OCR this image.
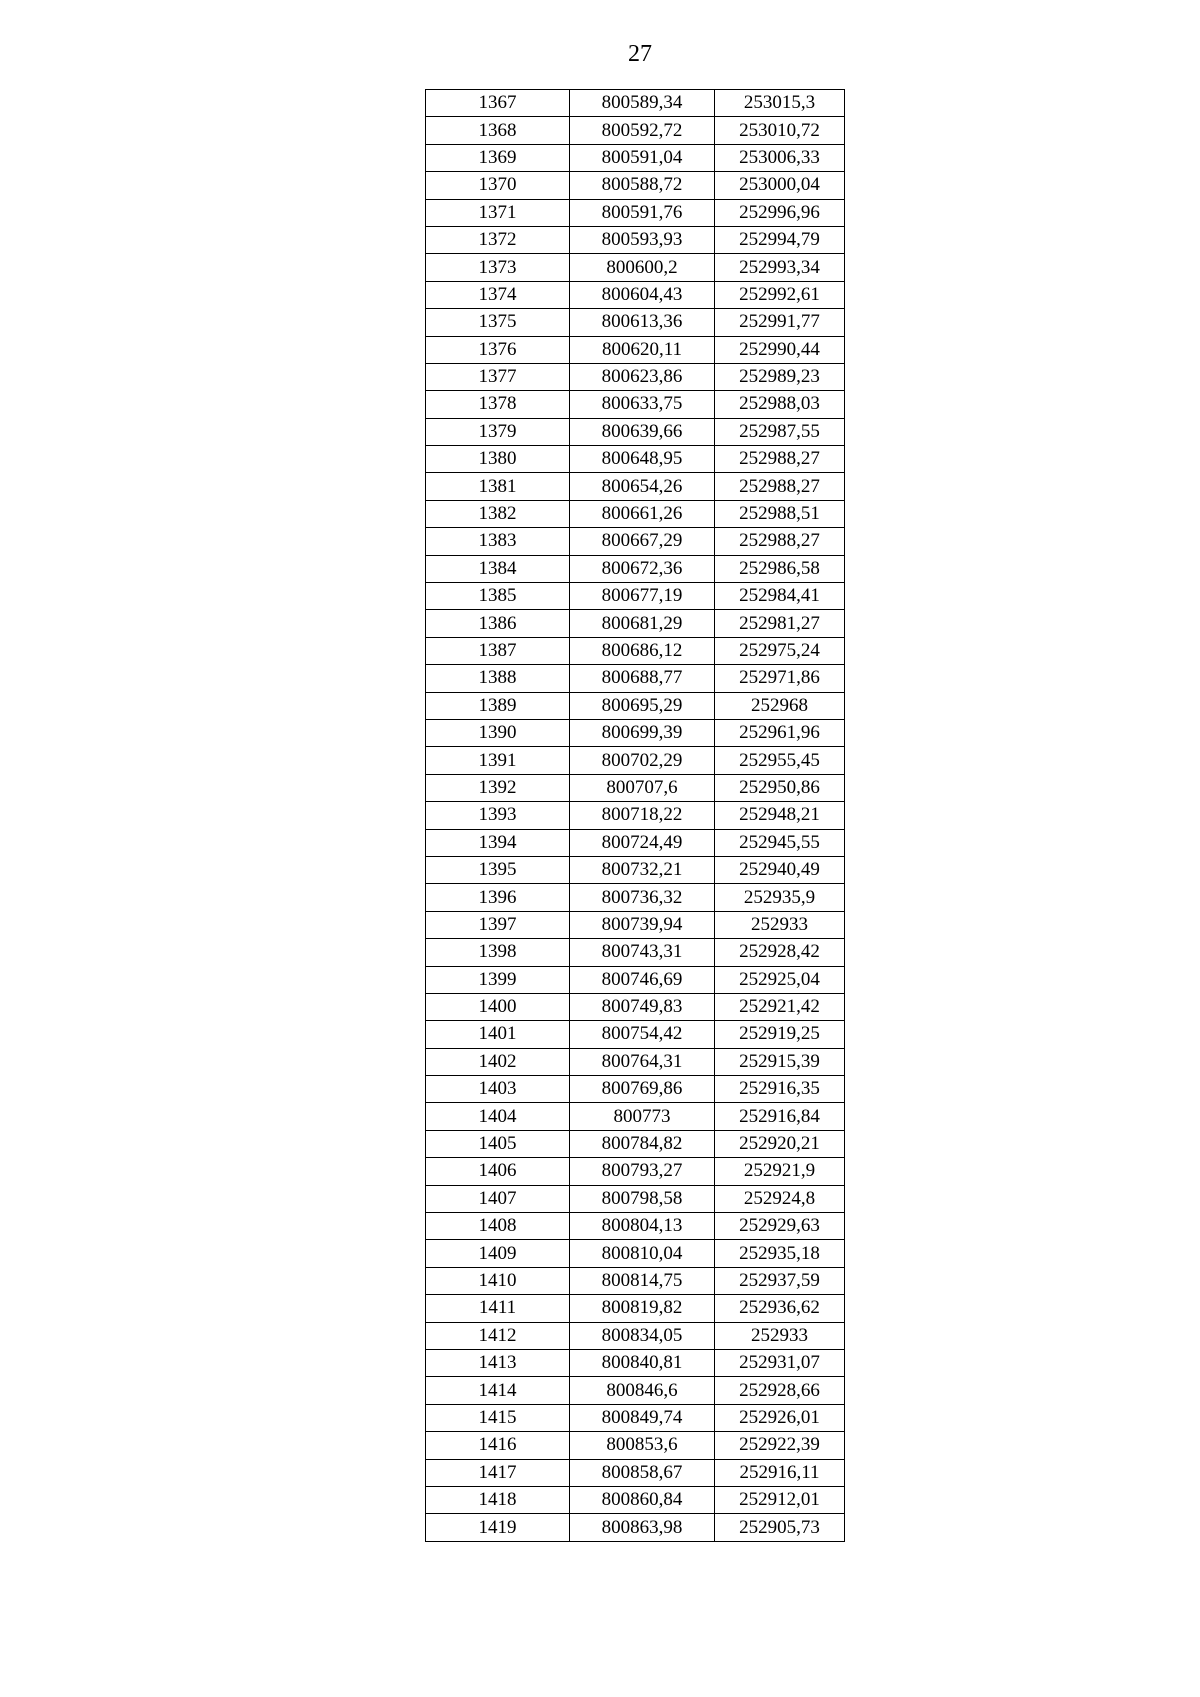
27
1367	800589,34	253015,3
1368	800592,72	253010,72
1369	800591,04	253006,33
1370	800588,72	253000,04
1371	800591,76	252996,96
1372	800593,93	252994,79
1373	800600,2	252993,34
1374	800604,43	252992,61
1375	800613,36	252991,77
1376	800620,11	252990,44
1377	800623,86	252989,23
1378	800633,75	252988,03
1379	800639,66	252987,55
1380	800648,95	252988,27
1381	800654,26	252988,27
1382	800661,26	252988,51
1383	800667,29	252988,27
1384	800672,36	252986,58
1385	800677,19	252984,41
1386	800681,29	252981,27
1387	800686,12	252975,24
1388	800688,77	252971,86
1389	800695,29	252968
1390	800699,39	252961,96
1391	800702,29	252955,45
1392	800707,6	252950,86
1393	800718,22	252948,21
1394	800724,49	252945,55
1395	800732,21	252940,49
1396	800736,32	252935,9
1397	800739,94	252933
1398	800743,31	252928,42
1399	800746,69	252925,04
1400	800749,83	252921,42
1401	800754,42	252919,25
1402	800764,31	252915,39
1403	800769,86	252916,35
1404	800773	252916,84
1405	800784,82	252920,21
1406	800793,27	252921,9
1407	800798,58	252924,8
1408	800804,13	252929,63
1409	800810,04	252935,18
1410	800814,75	252937,59
1411	800819,82	252936,62
1412	800834,05	252933
1413	800840,81	252931,07
1414	800846,6	252928,66
1415	800849,74	252926,01
1416	800853,6	252922,39
1417	800858,67	252916,11
1418	800860,84	252912,01
1419	800863,98	252905,73
